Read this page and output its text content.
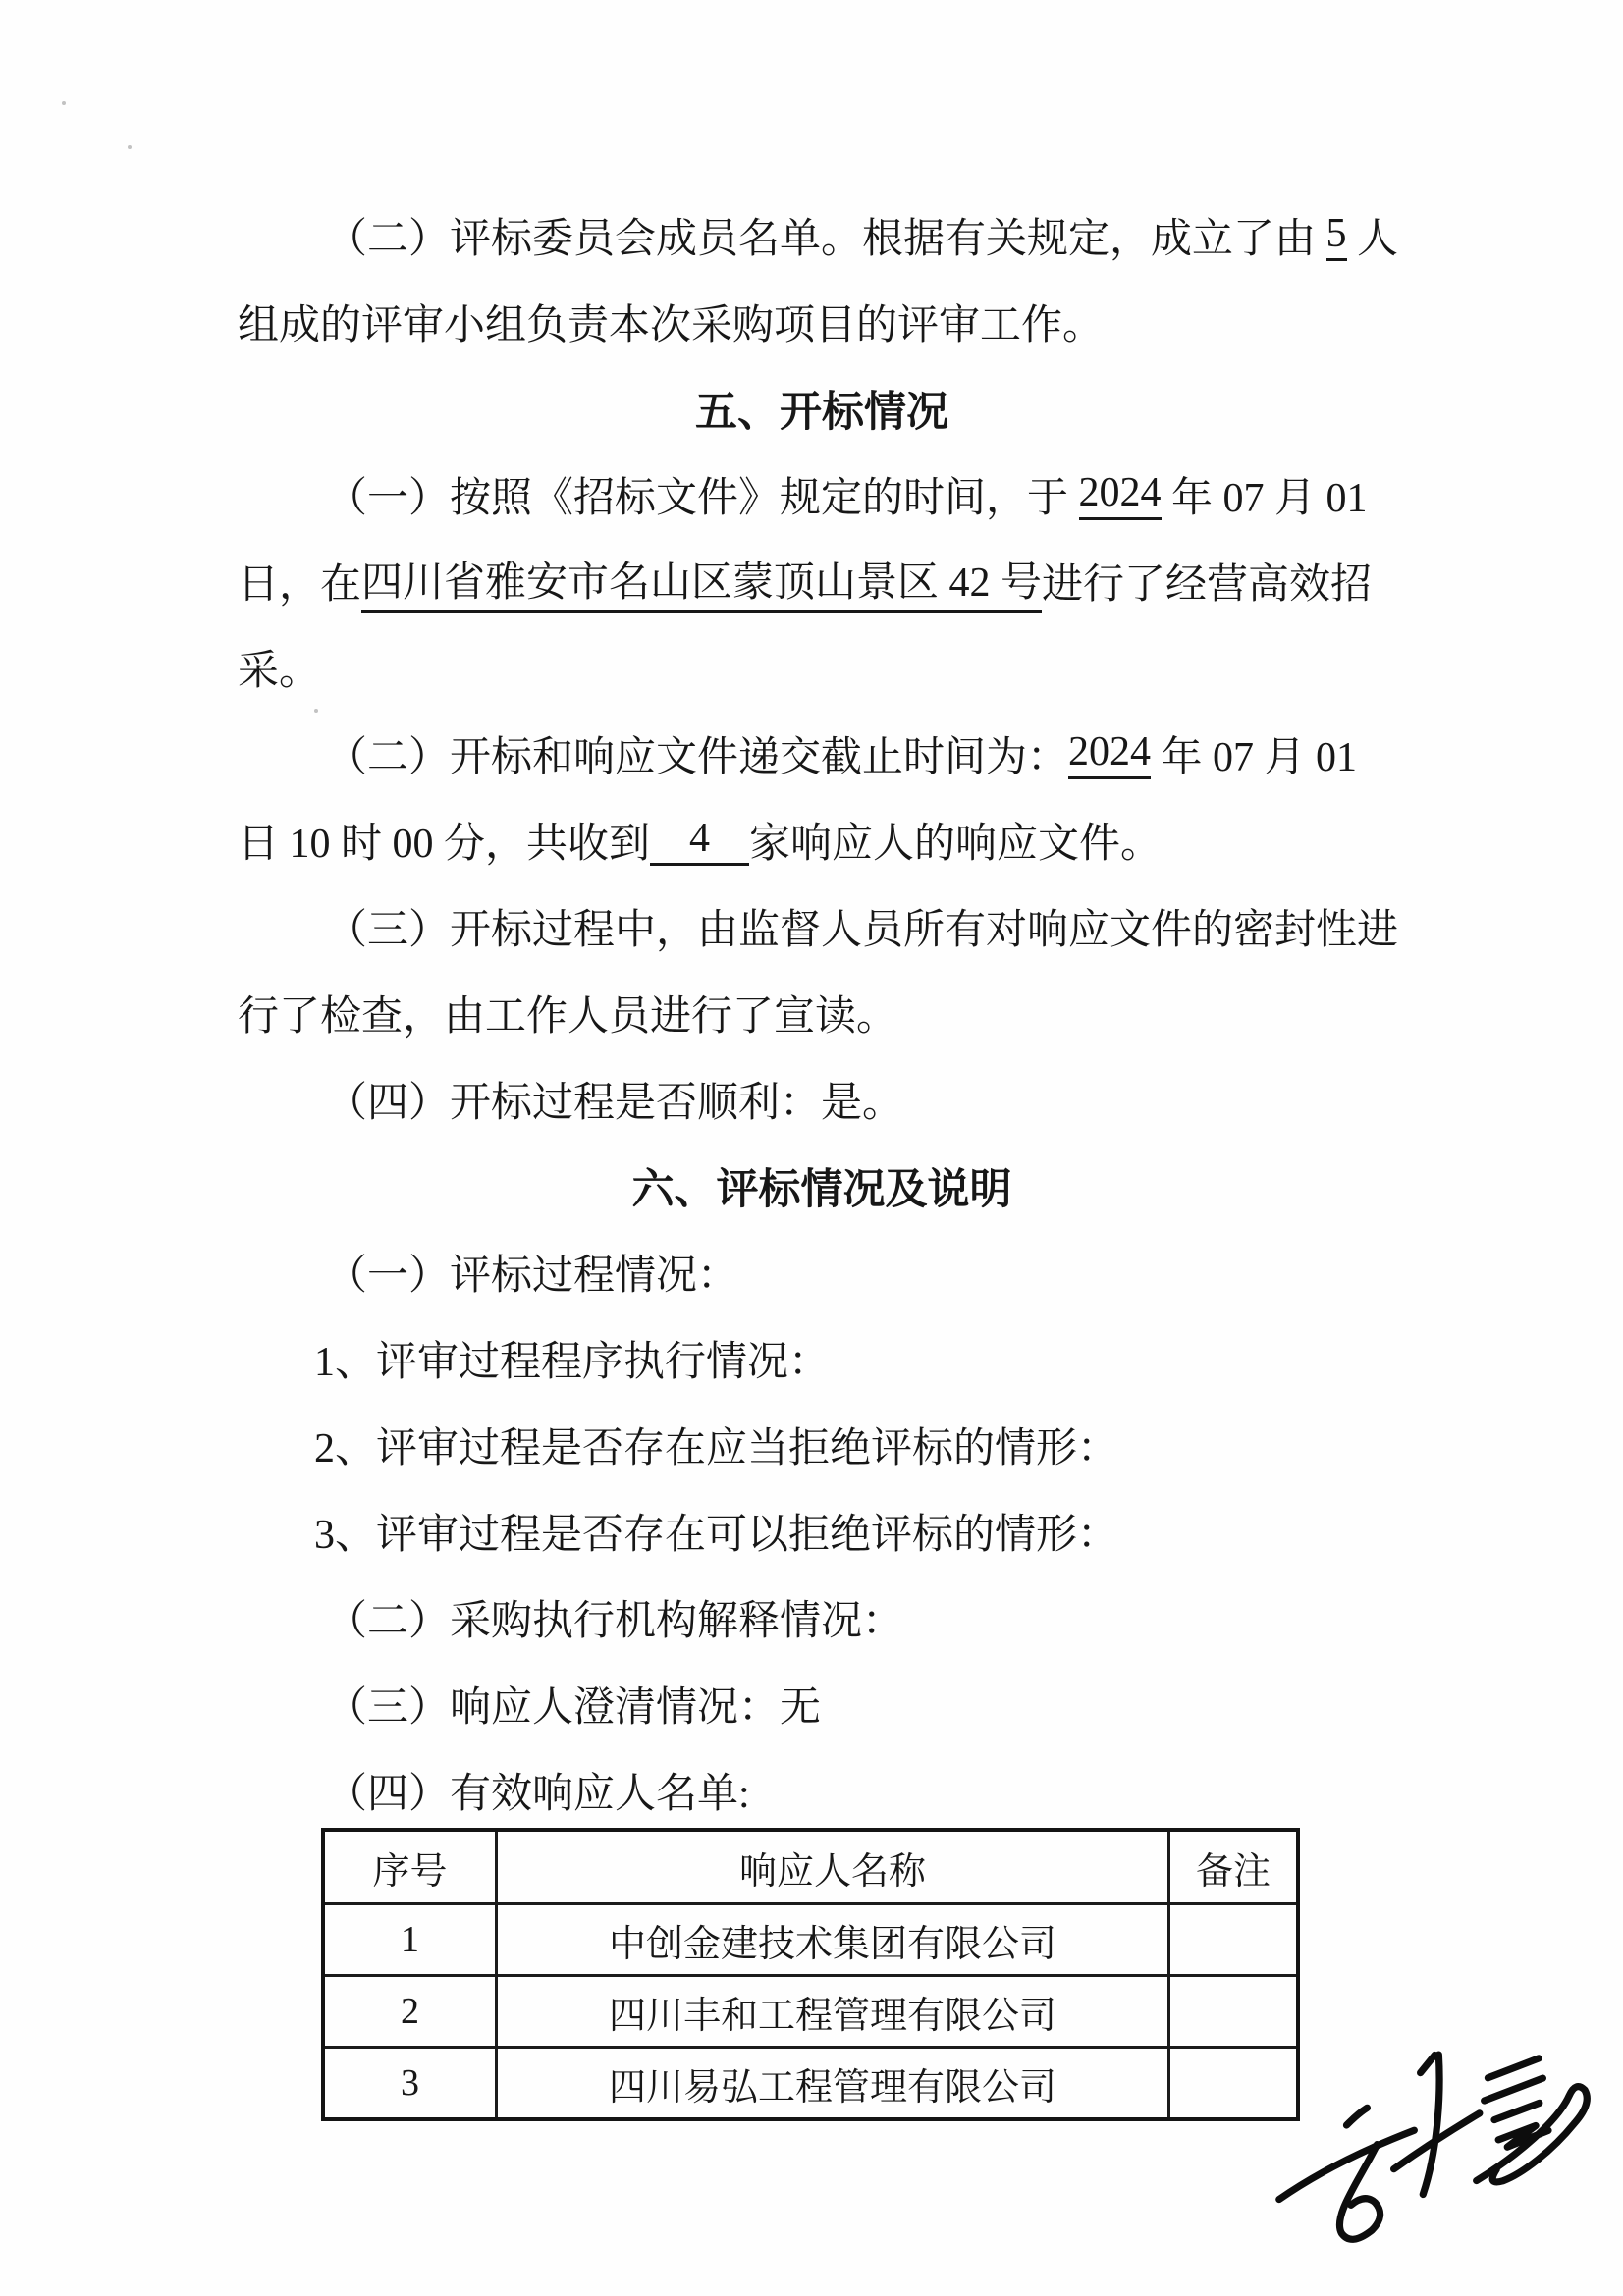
（二）评标委员会成员名单。根据有关规定，成立了由 5 人
组成的评审小组负责本次采购项目的评审工作。
五、开标情况
（一）按照《招标文件》规定的时间，于 2024 年 07 月 01
日，在 四川省雅安市名山区蒙顶山景区 42 号 进行了经营高效招
采。
（二）开标和响应文件递交截止时间为： 2024 年 07 月 01
日 10 时 00 分，共收到 4 家响应人的响应文件。
（三）开标过程中，由监督人员所有对响应文件的密封性进
行了检查，由工作人员进行了宣读。
（四）开标过程是否顺利：是。
六、评标情况及说明
（一）评标过程情况：
1、评审过程程序执行情况：
2、评审过程是否存在应当拒绝评标的情形：
3、评审过程是否存在可以拒绝评标的情形：
（二）采购执行机构解释情况：
（三）响应人澄清情况：无
（四）有效响应人名单:
序号	响应人名称	备注
1	中创金建技术集团有限公司	
2	四川丰和工程管理有限公司	
3	四川易弘工程管理有限公司	
